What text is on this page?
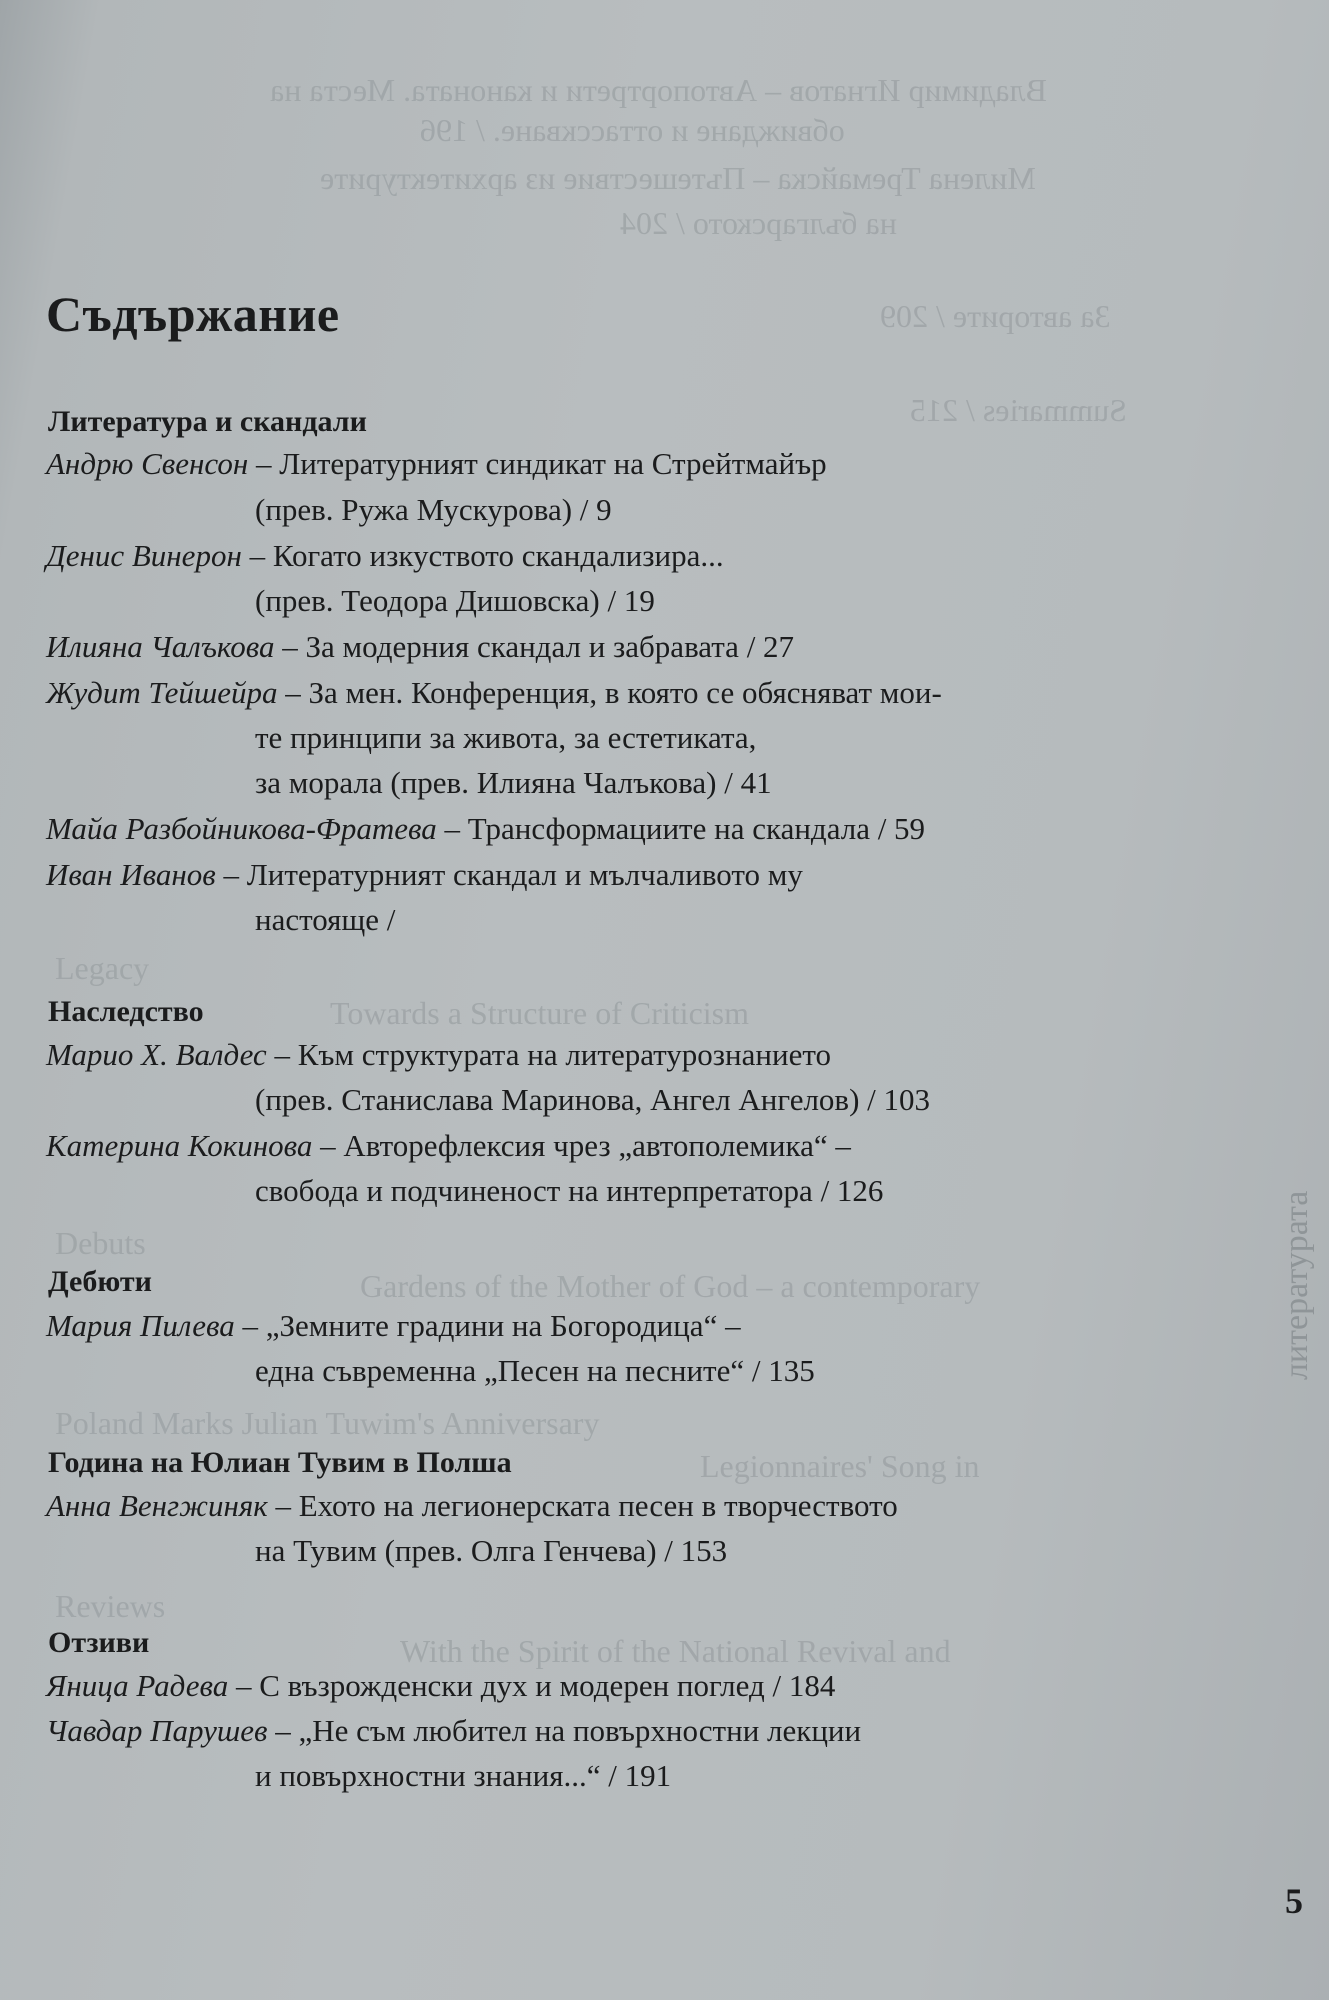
Владимир Игнатов – Автопортрети и каноната. Места на
обвиждане и оттасскване. / 196
Милена Тремайска – Пътешествие из архитектурите
на българското / 204
За авторите / 209
Summaries / 215
Legacy
Towards a Structure of Criticism
Debuts
Gardens of the Mother of God – a contemporary
Poland Marks Julian Tuwim's Anniversary
Legionnaires' Song in
Reviews
With the Spirit of the National Revival and
литературата
Съдържание
Литература и скандали
Андрю Свенсон – Литературният синдикат на Стрейтмайър
(прев. Ружа Мускурова) / 9
Денис Винерон – Когато изкуството скандализира...
(прев. Теодора Дишовска) / 19
Илияна Чалъкова – За модерния скандал и забравата / 27
Жудит Тейшейра – За мен. Конференция, в която се обясняват мои-
те принципи за живота, за естетиката,
за морала (прев. Илияна Чалъкова) / 41
Майа Разбойникова-Фратева – Трансформациите на скандала / 59
Иван Иванов – Литературният скандал и мълчаливото му
настояще /
Наследство
Марио Х. Валдес – Към структурата на литературознанието
(прев. Станислава Маринова, Ангел Ангелов) / 103
Катерина Кокинова – Авторефлексия чрез „автополемика“ –
свобода и подчиненост на интерпретатора / 126
Дебюти
Мария Пилева – „Земните градини на Богородица“ –
една съвременна „Песен на песните“ / 135
Година на Юлиан Тувим в Полша
Анна Венгжиняк – Ехото на легионерската песен в творчеството
на Тувим (прев. Олга Генчева) / 153
Отзиви
Яница Радева – С възрожденски дух и модерен поглед / 184
Чавдар Парушев – „Не съм любител на повърхностни лекции
и повърхностни знания...“ / 191
5
